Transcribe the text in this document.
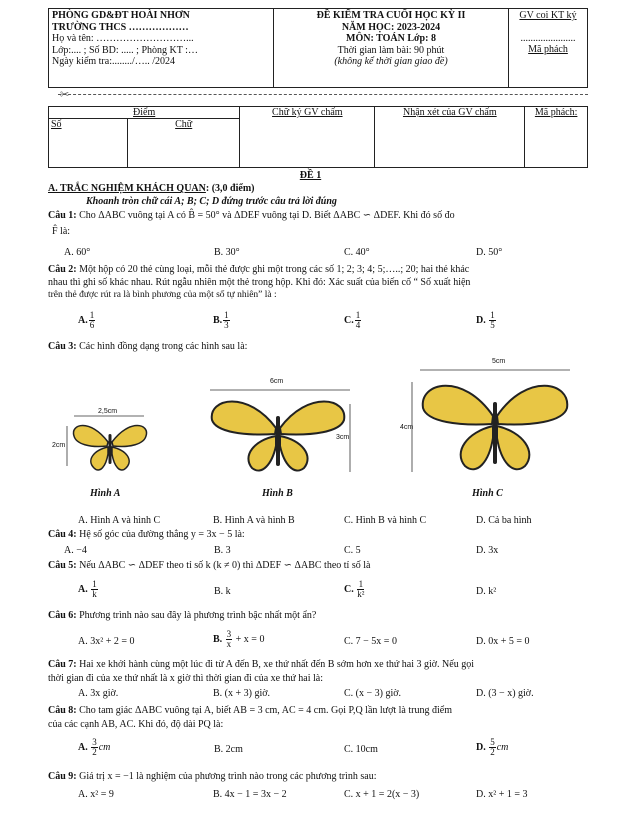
PHÒNG GD&ĐT HOÀI NHƠN
TRƯỜNG THCS ………………
Họ và tên: ………………………...
Lớp:.... ; Số BD: ..... ; Phòng KT :…
Ngày kiểm tra:......../….. /2024

ĐỀ KIỂM TRA CUỐI HỌC KỲ II
NĂM HỌC: 2023-2024
MÔN: TOÁN Lớp: 8
Thời gian làm bài: 90 phút
(không kể thời gian giao đề)

GV coi KT ký
......................
Mã phách
✂
Điểm		Chữ ký GV chấm	Nhận xét của GV chấm	Mã phách:
Số	Chữ			
ĐỀ 1
A. TRẮC NGHIỆM KHÁCH QUAN: (3,0 điểm)
Khoanh tròn chữ cái A; B; C; D đứng trước câu trả lời đúng
Câu 1: Cho ΔABC vuông tại A có B̂ = 50° và ΔDEF vuông tại D. Biết ΔABC ∽ ΔDEF. Khi đó số đo
F̂ là:
A. 60°	B. 30°	C. 40°	D. 50°
Câu 2: Một hộp có 20 thẻ cùng loại, mỗi thẻ được ghi một trong các số 1; 2; 3; 4; 5;…..; 20; hai thẻ khác
nhau thì ghi số khác nhau. Rút ngẫu nhiên một thẻ trong hộp. Khi đó: Xác suất của biến cố “ Số xuất hiện
trên thẻ được rút ra là bình phương của một số tự nhiên” là :
A. $\frac{1}{6}$	B. $\frac{1}{3}$	C. $\frac{1}{4}$	D. $\frac{1}{5}$
Câu 3: Các hình đồng dạng trong các hình sau là:
2,5cm
2cm
Hình A
6cm
3cm
Hình B
5cm
4cm
Hình C
A. Hình A và hình C	B. Hình A và hình B	C. Hình B và hình C	D. Cả ba hình
Câu 4: Hệ số góc của đường thẳng y = 3x − 5 là:
A. −4	B. 3	C. 5	D. 3x
Câu 5: Nếu ΔABC ∽ ΔDEF theo tỉ số k (k ≠ 0) thì ΔDEF ∽ ΔABC theo tỉ số là
A. $\frac{1}{k}$	B. k	C. $\frac{1}{\text{k²}}$	D. k²
Câu 6: Phương trình nào sau đây là phương trình bậc nhất một ẩn?
A. 3x² + 2 = 0	B. $\frac{3}{x} + x = 0$	C. 7 − 5x = 0	D. 0x + 5 = 0
Câu 7: Hai xe khởi hành cùng một lúc đi từ A đến B, xe thứ nhất đến B sớm hơn xe thứ hai 3 giờ. Nếu gọi
thời gian đi của xe thứ nhất là x giờ thì thời gian đi của xe thứ hai là:
A. 3x giờ.	B. (x + 3) giờ.	C. (x − 3) giờ.	D. (3 − x) giờ.
Câu 8: Cho tam giác ΔABC vuông tại A, biết AB = 3 cm, AC = 4 cm. Gọi P,Q lần lượt là trung điểm
của các cạnh AB, AC. Khi đó, độ dài PQ là:
A. $\frac{3}{2}$ cm	B. 2cm	C. 10cm	D. $\frac{5}{2}$ cm
Câu 9: Giá trị x = −1 là nghiệm của phương trình nào trong các phương trình sau:
A. x² = 9	B. 4x − 1 = 3x − 2	C. x + 1 = 2(x − 3)	D. x² + 1 = 3
